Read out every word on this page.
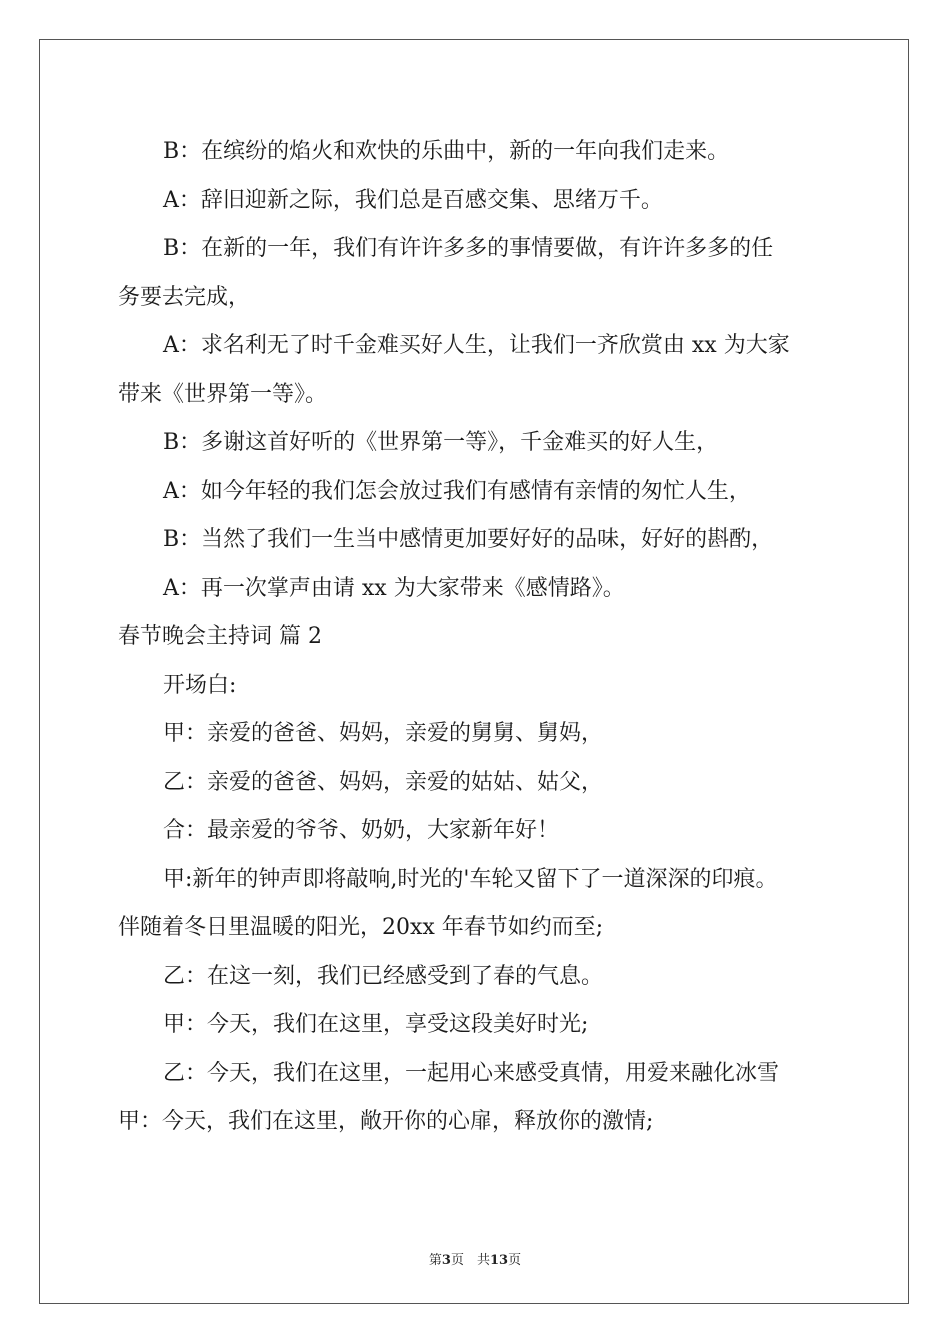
B：在缤纷的焰火和欢快的乐曲中，新的一年向我们走来。

A：辞旧迎新之际，我们总是百感交集、思绪万千。

B：在新的一年，我们有许许多多的事情要做，有许许多多的任

务要去完成，

A：求名利无了时千金难买好人生，让我们一齐欣赏由 xx 为大家

带来《世界第一等》。

B：多谢这首好听的《世界第一等》，千金难买的好人生，

A：如今年轻的我们怎会放过我们有感情有亲情的匆忙人生，

B：当然了我们一生当中感情更加要好好的品味，好好的斟酌，

A：再一次掌声由请 xx 为大家带来《感情路》。

春节晚会主持词 篇 2

开场白:

甲：亲爱的爸爸、妈妈，亲爱的舅舅、舅妈，

乙：亲爱的爸爸、妈妈，亲爱的姑姑、姑父，

合：最亲爱的爷爷、奶奶，大家新年好！

甲:新年的钟声即将敲响,时光的'车轮又留下了一道深深的印痕。

伴随着冬日里温暖的阳光，20xx 年春节如约而至;

乙：在这一刻，我们已经感受到了春的气息。

甲：今天，我们在这里，享受这段美好时光;

乙：今天，我们在这里，一起用心来感受真情，用爱来融化冰雪

甲：今天，我们在这里，敞开你的心扉，释放你的激情;

第3页　共13页
